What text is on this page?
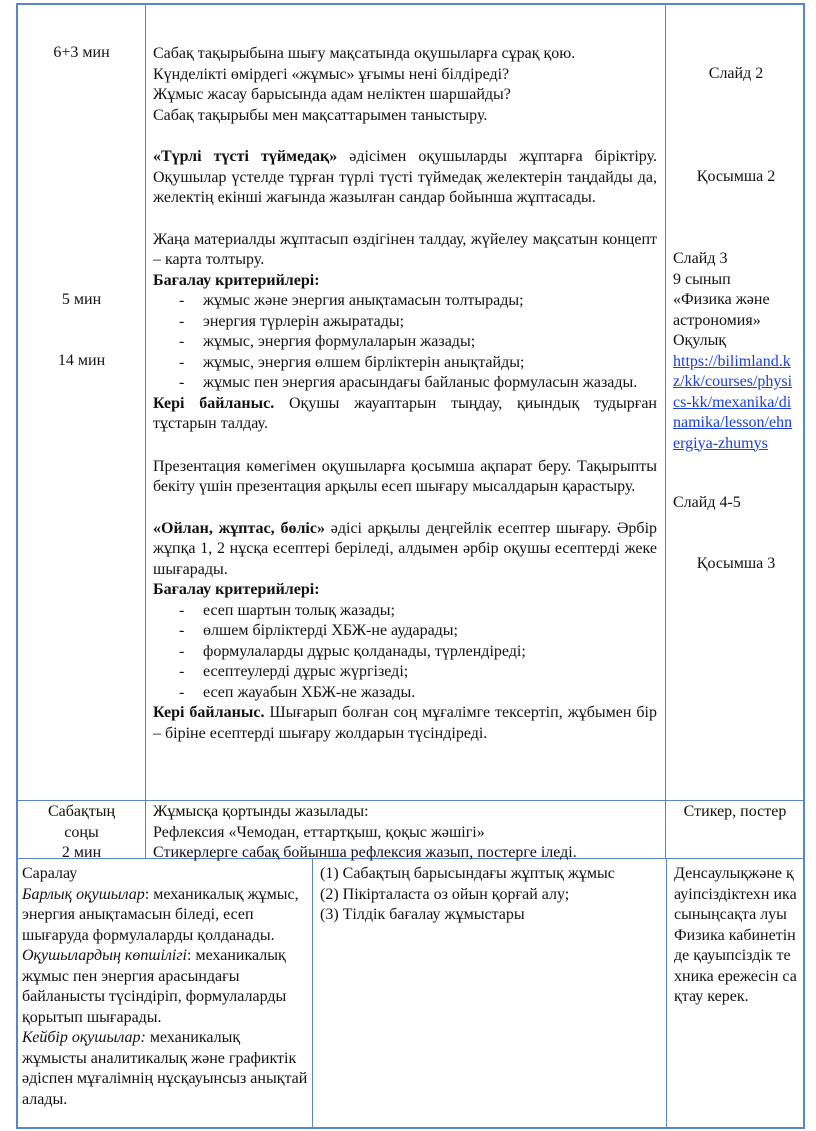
6+3 мин
5 мин
14 мин

Сабақ тақырыбына шығу мақсатында оқушыларға сұрақ қою.

Күнделікті өмірдегі «жұмыс» ұғымы нені білдіреді?

Жұмыс жасау барысында адам неліктен шаршайды?

Сабақ тақырыбы мен мақсаттарымен таныстыру.

«Түрлі түсті түймедақ» әдісімен оқушыларды жұптарға біріктіру. Оқушылар үстелде тұрған түрлі түсті түймедақ желектерін таңдайды да, желектің екінші жағында жазылған сандар бойынша жұптасады.

Жаңа материалды жұптасып өздігінен талдау, жүйелеу мақсатын концепт – карта толтыру.

Бағалау критерийлері:

- жұмыс және энергия анықтамасын толтырады;
- энергия түрлерін ажыратады;
- жұмыс, энергия формулаларын жазады;
- жұмыс, энергия өлшем бірліктерін анықтайды;
- жұмыс пен энергия арасындағы байланыс формуласын жазады.

Кері байланыс. Оқушы жауаптарын тыңдау, қиындық тудырған тұстарын талдау.

Презентация көмегімен оқушыларға қосымша ақпарат беру. Тақырыпты бекіту үшін презентация арқылы есеп шығару мысалдарын қарастыру.

«Ойлан, жұптас, бөліс» әдісі арқылы деңгейлік есептер шығару. Әрбір жұпқа 1, 2 нұсқа есептері беріледі, алдымен әрбір оқушы есептерді жеке шығарады.

Бағалау критерийлері:

- есеп шартын толық жазады;
- өлшем бірліктерді ХБЖ-не аударады;
- формулаларды дұрыс қолданады, түрлендіреді;
- есептеулерді дұрыс жүргізеді;
- есеп жауабын ХБЖ-не жазады.

Кері байланыс. Шығарып болған соң мұғалімге тексертіп, жұбымен бір – біріне есептерді шығару жолдарын түсіндіреді.

Слайд 2
Қосымша 2
Слайд 3
9 сынып
«Физика және астрономия»
Оқулық
https://bilimland.kz/kk/courses/physics-kk/mexanika/dinamika/lesson/ehnergiya-zhumys
Слайд 4-5
Қосымша 3
Сабақтың
соңы
2 мин
Жұмысқа қортынды жазылады:
Рефлексия «Чемодан, еттартқыш, қоқыс жәшігі»
Стикерлерге сабақ бойынша рефлексия жазып, постерге іледі.
Стикер, постер
Саралау
Барлық оқушылар: механикалық жұмыс, энергия анықтамасын біледі, есеп шығаруда формулаларды қолданады.
Оқушылардың көпшілігі: механикалық жұмыс пен энергия арасындағы байланысты түсіндіріп, формулаларды қорытып шығарады.
Кейбір оқушылар: механикалық жұмысты аналитикалық және графиктік әдіспен мұғалімнің нұсқауынсыз анықтай алады.
(1) Сабақтың барысындағы жұптық жұмыс
(2) Пікірталаста оз ойын қорғай алу;
(3) Тілдік бағалау жұмыстары
Денсаулықжәне қауіпсіздіктехн икасыныңсақта луы Физика кабинетінде қауыпсіздік техника ережесін сақтау керек.
